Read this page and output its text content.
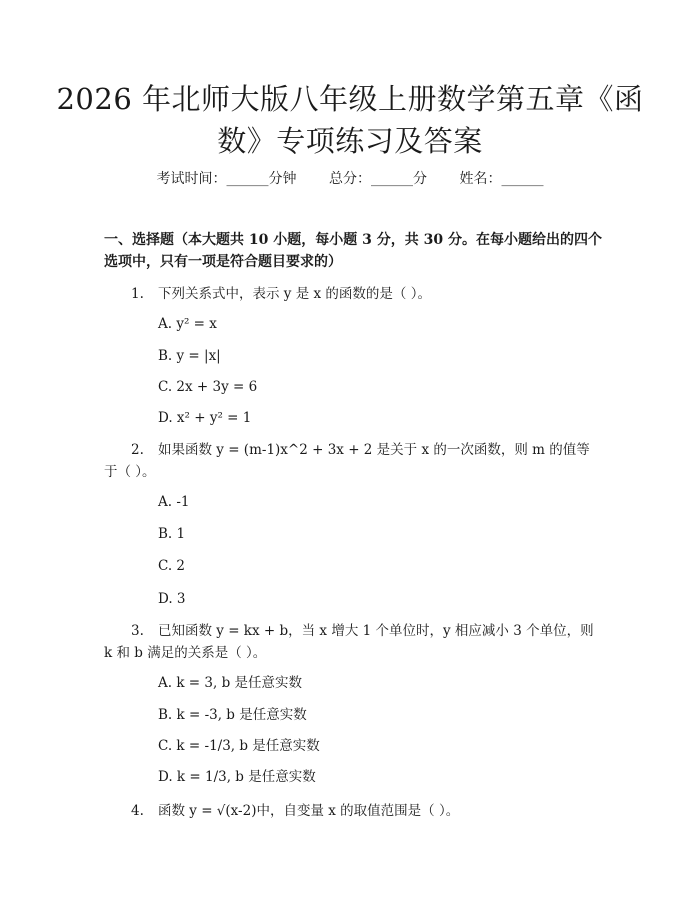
2026 年北师大版八年级上册数学第五章《函
数》专项练习及答案
考试时间：______分钟 总分：______分 姓名：______

一、选择题（本大题共 10 小题，每小题 3 分，共 30 分。在每小题给出的四个选项中，只有一项是符合题目要求的）

1. 下列关系式中，表示 y 是 x 的函数的是（ ）。

A. y² = x

B. y = |x|

C. 2x + 3y = 6

D. x² + y² = 1

2. 如果函数 y = (m-1)x^2 + 3x + 2 是关于 x 的一次函数，则 m 的值等于（ ）。

A. -1

B. 1

C. 2

D. 3

3. 已知函数 y = kx + b，当 x 增大 1 个单位时，y 相应减小 3 个单位，则 k 和 b 满足的关系是（ ）。

A. k = 3, b 是任意实数

B. k = -3, b 是任意实数

C. k = -1/3, b 是任意实数

D. k = 1/3, b 是任意实数

4. 函数 y = √(x-2)中，自变量 x 的取值范围是（ ）。
